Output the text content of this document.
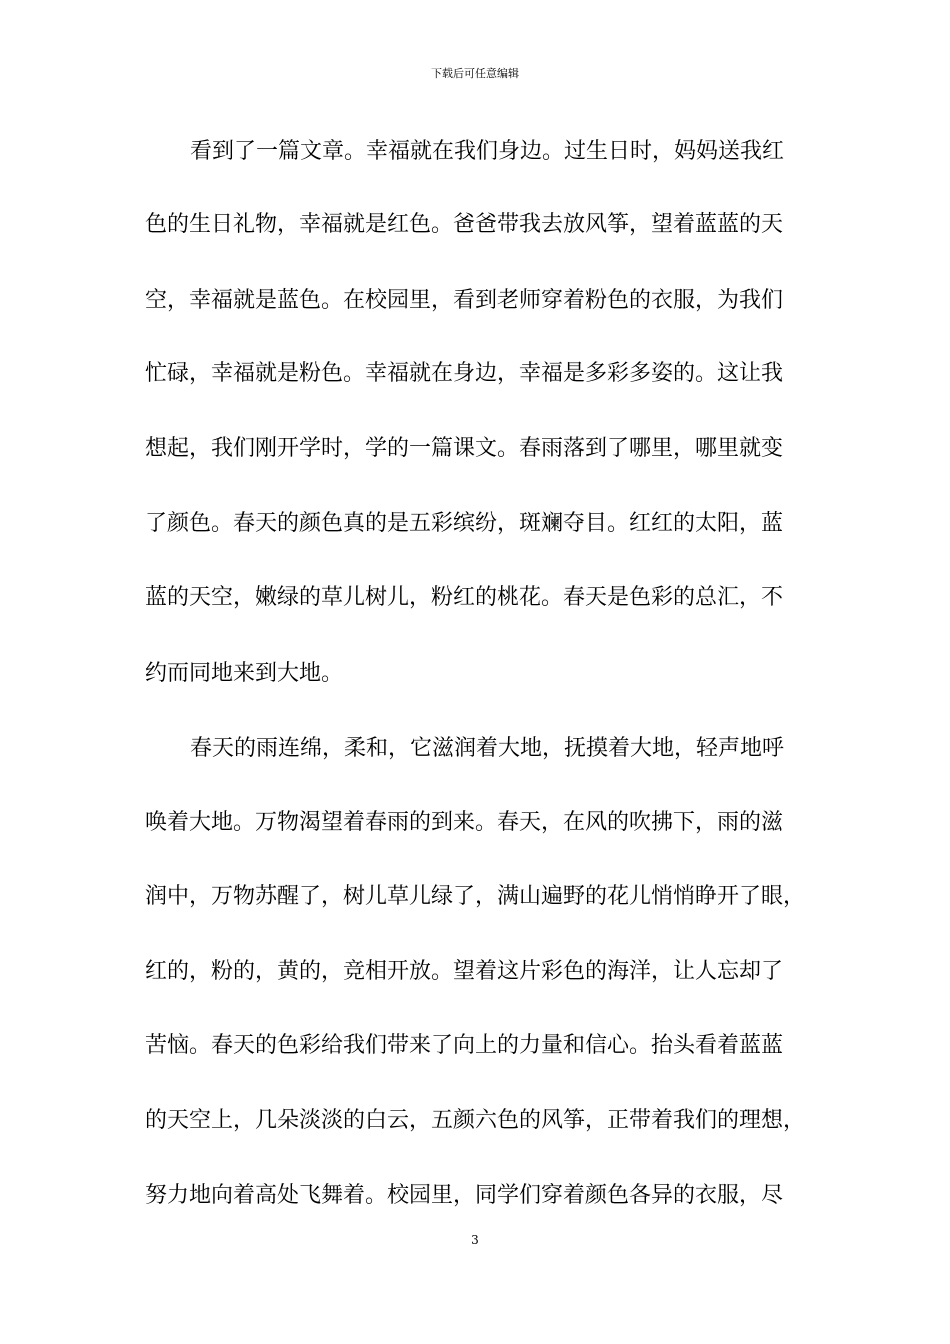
下载后可任意编辑
看到了一篇文章。幸福就在我们身边。过生日时，妈妈送我红
色的生日礼物，幸福就是红色。爸爸带我去放风筝，望着蓝蓝的天
空，幸福就是蓝色。在校园里，看到老师穿着粉色的衣服，为我们
忙碌，幸福就是粉色。幸福就在身边，幸福是多彩多姿的。这让我
想起，我们刚开学时，学的一篇课文。春雨落到了哪里，哪里就变
了颜色。春天的颜色真的是五彩缤纷，斑斓夺目。红红的太阳，蓝
蓝的天空，嫩绿的草儿树儿，粉红的桃花。春天是色彩的总汇，不
约而同地来到大地。
春天的雨连绵，柔和，它滋润着大地，抚摸着大地，轻声地呼
唤着大地。万物渴望着春雨的到来。春天，在风的吹拂下，雨的滋
润中，万物苏醒了，树儿草儿绿了，满山遍野的花儿悄悄睁开了眼，
红的，粉的，黄的，竞相开放。望着这片彩色的海洋，让人忘却了
苦恼。春天的色彩给我们带来了向上的力量和信心。抬头看着蓝蓝
的天空上，几朵淡淡的白云，五颜六色的风筝，正带着我们的理想，
努力地向着高处飞舞着。校园里，同学们穿着颜色各异的衣服，尽
3
